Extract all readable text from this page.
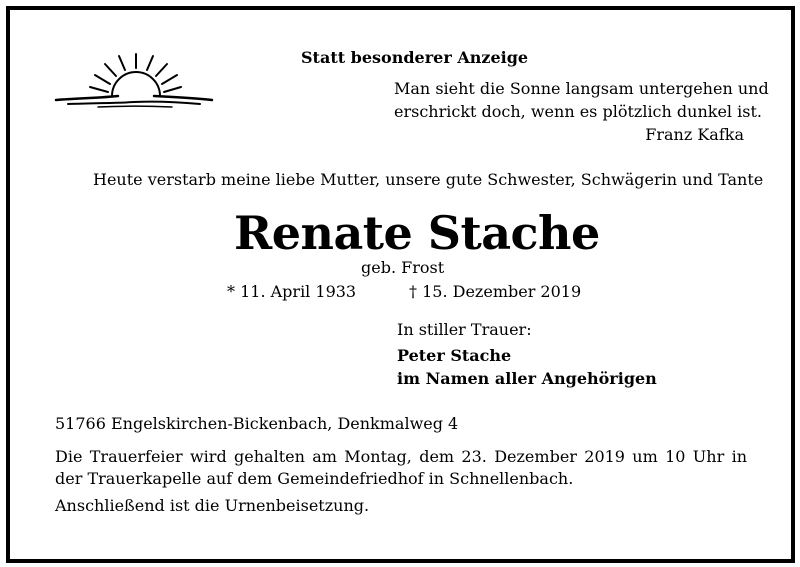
Statt besonderer Anzeige
Man sieht die Sonne langsam untergehen und
erschrickt doch, wenn es plötzlich dunkel ist.
Franz Kafka
Heute verstarb meine liebe Mutter, unsere gute Schwester, Schwägerin und Tante
Renate Stache
geb. Frost
* 11. April 1933	† 15. Dezember 2019
In stiller Trauer:
Peter Stache
im Namen aller Angehörigen
51766 Engelskirchen-Bickenbach, Denkmalweg 4
Die Trauerfeier wird gehalten am Montag, dem 23. Dezember 2019 um 10 Uhr in der Trauerkapelle auf dem Gemeindefriedhof in Schnellenbach.
Anschließend ist die Urnenbeisetzung.
